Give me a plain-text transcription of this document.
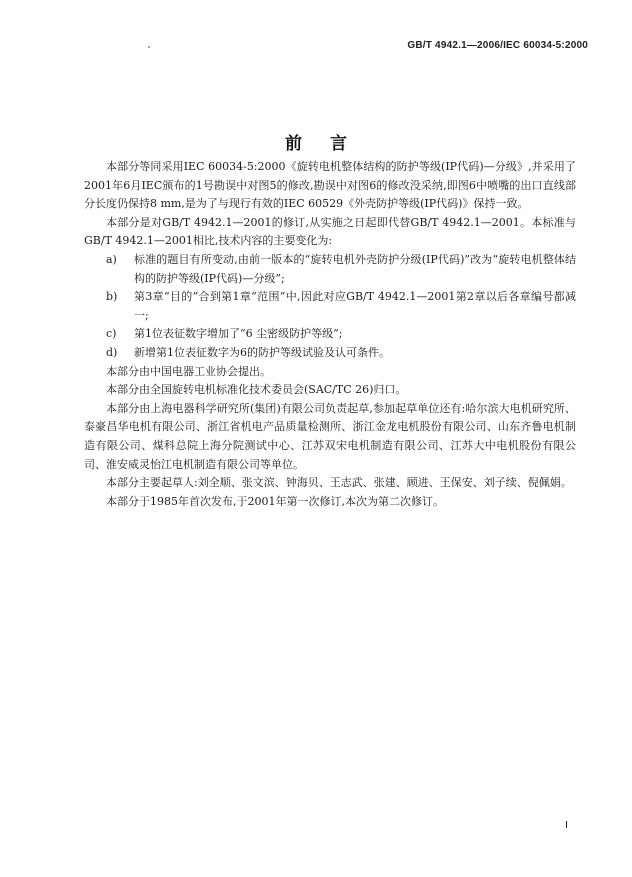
GB/T 4942.1—2006/IEC 60034-5:2000
前言

本部分等同采用IEC 60034-5:2000《旋转电机整体结构的防护等级(IP代码)—分级》,并采用了2001年6月IEC颁布的1号勘误中对图5的修改,勘误中对图6的修改没采纳,即图6中喷嘴的出口直线部分长度仍保持8 mm,是为了与现行有效的IEC 60529《外壳防护等级(IP代码)》保持一致。

本部分是对GB/T 4942.1—2001的修订,从实施之日起即代替GB/T 4942.1—2001。本标准与GB/T 4942.1—2001相比,技术内容的主要变化为:

a)	标准的题目有所变动,由前一版本的“旋转电机外壳防护分级(IP代码)”改为“旋转电机整体结构的防护等级(IP代码)—分级”;
b)	第3章“目的”合到第1章“范围”中,因此对应GB/T 4942.1—2001第2章以后各章编号都减一;
c)	第1位表征数字增加了“6 尘密级防护等级”;
d)	新增第1位表征数字为6的防护等级试验及认可条件。

本部分由中国电器工业协会提出。

本部分由全国旋转电机标准化技术委员会(SAC/TC 26)归口。

本部分由上海电器科学研究所(集团)有限公司负责起草,参加起草单位还有:哈尔滨大电机研究所、泰豪昌华电机有限公司、浙江省机电产品质量检测所、浙江金龙电机股份有限公司、山东齐鲁电机制造有限公司、煤科总院上海分院测试中心、江苏双宋电机制造有限公司、江苏大中电机股份有限公司、淮安威灵怡江电机制造有限公司等单位。

本部分主要起草人:刘全顺、张文滨、钟海贝、王志武、张建、顾进、王保安、刘子续、倪佩娟。

本部分于1985年首次发布,于2001年第一次修订,本次为第二次修订。

I
